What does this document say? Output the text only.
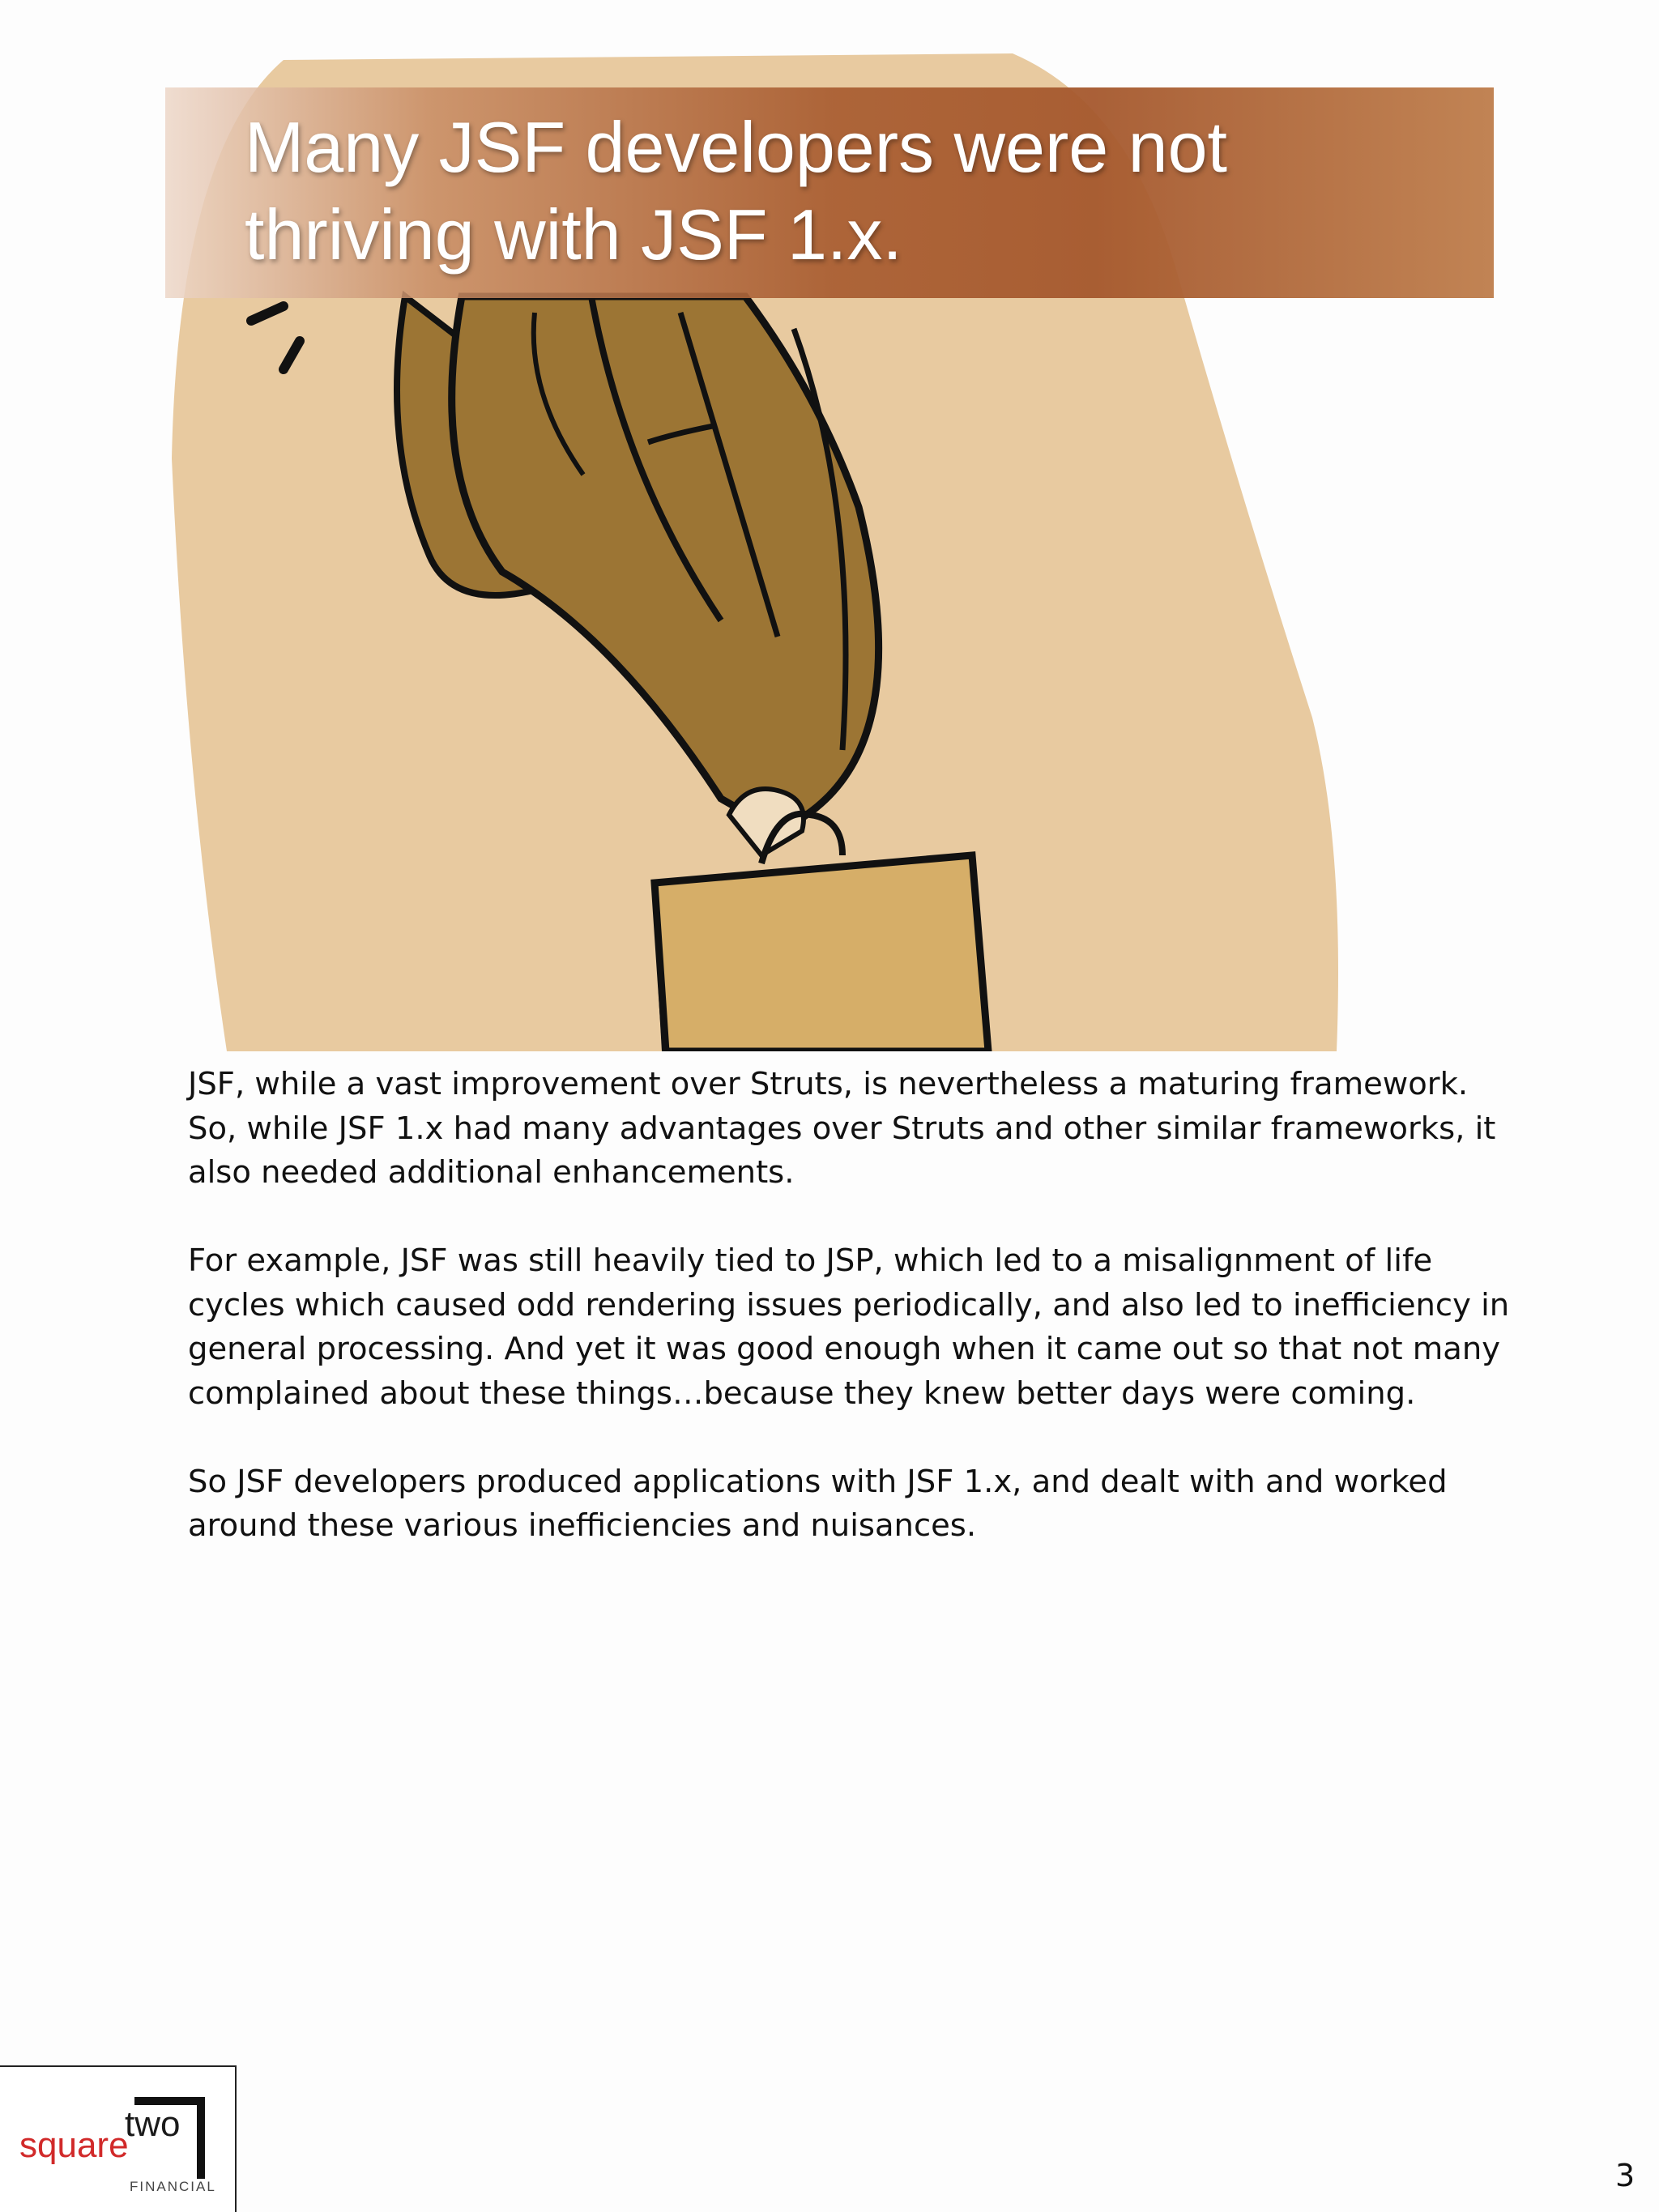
Many JSF developers were not
thriving with JSF 1.x.

JSF, while a vast improvement over Struts, is nevertheless a maturing framework. So, while JSF 1.x had many advantages over Struts and other similar frameworks, it also needed additional enhancements.

For example, JSF was still heavily tied to JSP, which led to a misalignment of life cycles which caused odd rendering issues periodically, and also led to inefficiency in general processing. And yet it was good enough when it came out so that not many complained about these things…because they knew better days were coming.

So JSF developers produced applications with JSF 1.x, and dealt with and worked around these various inefficiencies and nuisances.

square
two
FINANCIAL	3
